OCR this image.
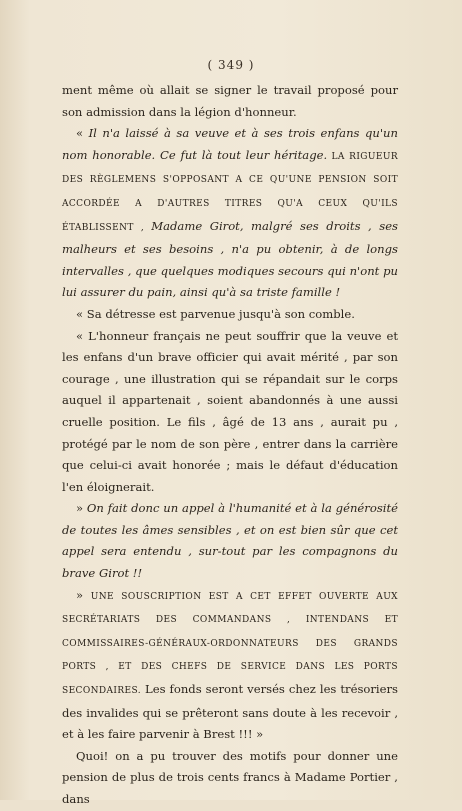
( 349 )

ment même où allait se signer le travail proposé pour son admission dans la légion d'honneur.

« Il n'a laissé à sa veuve et à ses trois enfans qu'un nom honorable. Ce fut là tout leur héritage. LA RIGUEUR DES RÈGLEMENS S'OPPOSANT A CE QU'UNE PENSION SOIT ACCORDÉE A D'AUTRES TITRES QU'A CEUX QU'ILS ÉTABLISSENT , Madame Girot, malgré ses droits , ses malheurs et ses besoins , n'a pu obtenir, à de longs intervalles , que quelques modiques secours qui n'ont pu lui assurer du pain, ainsi qu'à sa triste famille !

« Sa détresse est parvenue jusqu'à son comble.

« L'honneur français ne peut souffrir que la veuve et les enfans d'un brave officier qui avait mérité , par son courage , une illustration qui se répandait sur le corps auquel il appartenait , soient abandonnés à une aussi cruelle position. Le fils , âgé de 13 ans , aurait pu , protégé par le nom de son père , entrer dans la carrière que celui-ci avait honorée ; mais le défaut d'éducation l'en éloignerait.

» On fait donc un appel à l'humanité et à la générosité de toutes les âmes sensibles , et on est bien sûr que cet appel sera entendu , sur-tout par les compagnons du brave Girot !!

» UNE SOUSCRIPTION EST A CET EFFET OUVERTE AUX SECRÉTARIATS DES COMMANDANS , INTENDANS ET COMMISSAIRES-GÉNÉRAUX-ORDONNATEURS DES GRANDS PORTS , ET DES CHEFS DE SERVICE DANS LES PORTS SECONDAIRES. Les fonds seront versés chez les trésoriers des invalides qui se prêteront sans doute à les recevoir , et à les faire parvenir à Brest !!! »

Quoi! on a pu trouver des motifs pour donner une pension de plus de trois cents francs à Madame Portier , dans
